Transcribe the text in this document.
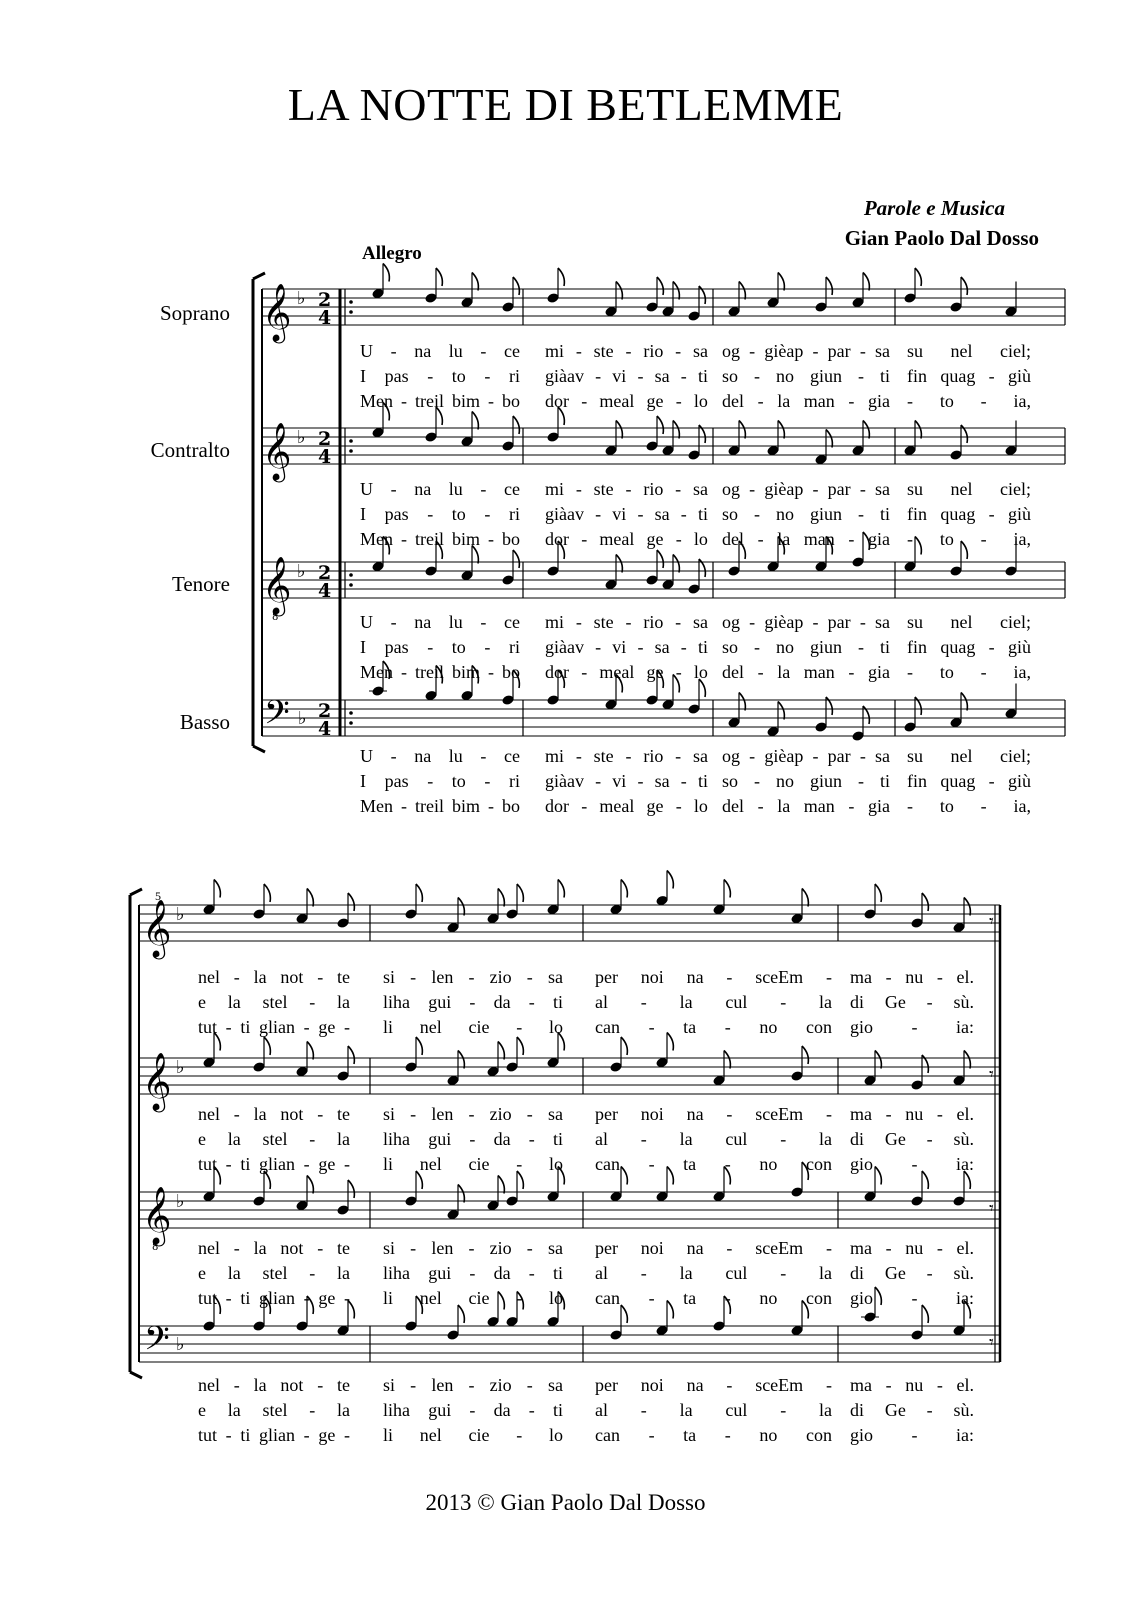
LA NOTTE DI BETLEMME
Parole e Musica
Gian Paolo Dal Dosso
Allegro
Soprano
Contralto
Tenore
Basso
5
𝄞 ♭ 2
4
𝄞 ♭ 2
4
𝄞
8
♭ 2
4
𝄢 ♭ 2
4
𝄞 ♭
𝄞 ♭
𝄞
8
♭
𝄢 ♭
𝄾
𝄾
𝄾
𝄾
U - na lu - ce mi - ste - rio - sa og - gièap - par - sa su nel ciel;
I pas - to - ri giàav - vi - sa - ti so - no giun - ti fin quag - giù
Men - treil bim - bo dor - meal ge - lo del - la man - gia - to - ia,
U - na lu - ce mi - ste - rio - sa og - gièap - par - sa su nel ciel;
I pas - to - ri giàav - vi - sa - ti so - no giun - ti fin quag - giù
Men - treil bim - bo dor - meal ge - lo del - la man - gia - to - ia,
U - na lu - ce mi - ste - rio - sa og - gièap - par - sa su nel ciel;
I pas - to - ri giàav - vi - sa - ti so - no giun - ti fin quag - giù
Men - treil bim - bo dor - meal ge - lo del - la man - gia - to - ia,
U - na lu - ce mi - ste - rio - sa og - gièap - par - sa su nel ciel;
I pas - to - ri giàav - vi - sa - ti so - no giun - ti fin quag - giù
Men - treil bim - bo dor - meal ge - lo del - la man - gia - to - ia,
nel - la not - te si - len - zio - sa per noi na - sceEm - ma - nu - el.
e la stel - la liha gui - da - ti al - la cul - la di Ge - sù.
tut - ti glian - ge - li nel cie - lo can - ta - no con gio - ia:
nel - la not - te si - len - zio - sa per noi na - sceEm - ma - nu - el.
e la stel - la liha gui - da - ti al - la cul - la di Ge - sù.
tut - ti glian - ge - li nel cie - lo can - ta - no con gio - ia:
nel - la not - te si - len - zio - sa per noi na - sceEm - ma - nu - el.
e la stel - la liha gui - da - ti al - la cul - la di Ge - sù.
tut - ti glian - ge - li nel cie - lo can - ta - no con gio - ia:
nel - la not - te si - len - zio - sa per noi na - sceEm - ma - nu - el.
e la stel - la liha gui - da - ti al - la cul - la di Ge - sù.
tut - ti glian - ge - li nel cie - lo can - ta - no con gio - ia:
2013 © Gian Paolo Dal Dosso
